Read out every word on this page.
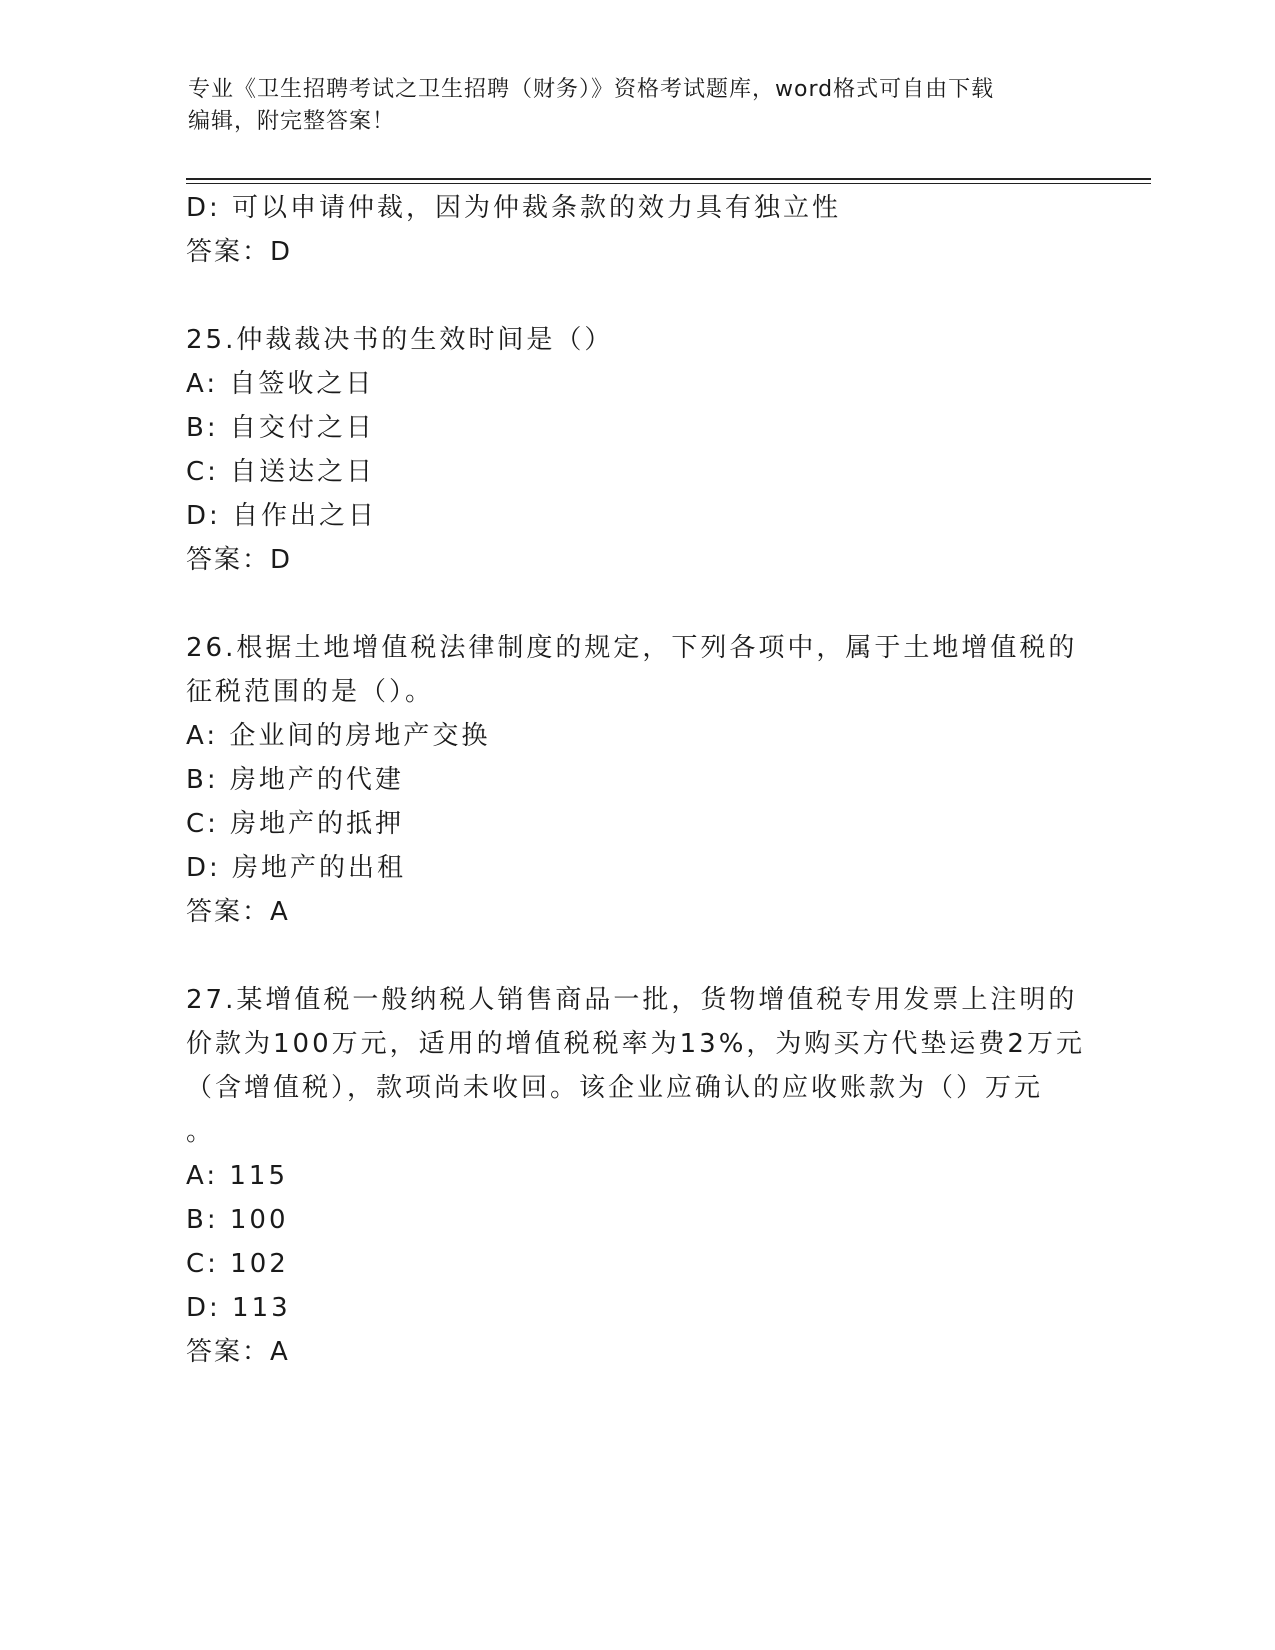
专业《卫生招聘考试之卫生招聘（财务）》资格考试题库，word格式可自由下载
编辑，附完整答案！
D: 可以申请仲裁，因为仲裁条款的效力具有独立性
答案：D
25.仲裁裁决书的生效时间是（）
A: 自签收之日
B: 自交付之日
C: 自送达之日
D: 自作出之日
答案：D
26.根据土地增值税法律制度的规定，下列各项中，属于土地增值税的
征税范围的是（）。
A: 企业间的房地产交换
B: 房地产的代建
C: 房地产的抵押
D: 房地产的出租
答案：A
27.某增值税一般纳税人销售商品一批，货物增值税专用发票上注明的
价款为100万元，适用的增值税税率为13%，为购买方代垫运费2万元
（含增值税），款项尚未收回。该企业应确认的应收账款为（）万元
。
A: 115
B: 100
C: 102
D: 113
答案：A
